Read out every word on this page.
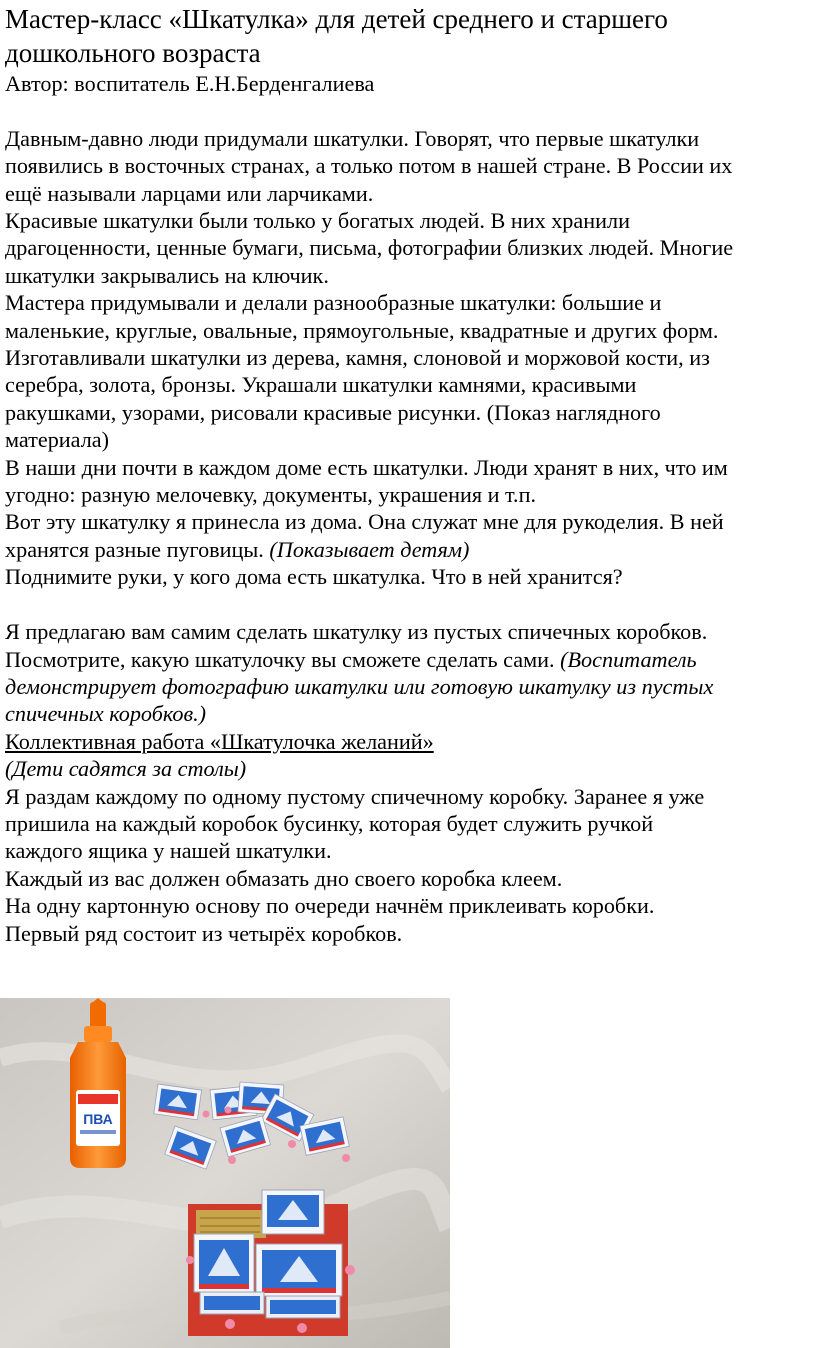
Мастер-класс «Шкатулка» для детей среднего и старшего
дошкольного возраста
Автор: воспитатель Е.Н.Берденгалиева
Давным-давно люди придумали шкатулки. Говорят, что первые шкатулки
появились в восточных странах, а только потом в нашей стране. В России их
ещё называли ларцами или ларчиками.
Красивые шкатулки были только у богатых людей. В них хранили
драгоценности, ценные бумаги, письма, фотографии близких людей. Многие
шкатулки закрывались на ключик.
Мастера придумывали и делали разнообразные шкатулки: большие и
маленькие, круглые, овальные, прямоугольные, квадратные и других форм.
Изготавливали шкатулки из дерева, камня, слоновой и моржовой кости, из
серебра, золота, бронзы. Украшали шкатулки камнями, красивыми
ракушками, узорами, рисовали красивые рисунки. (Показ наглядного
материала)
В наши дни почти в каждом доме есть шкатулки. Люди хранят в них, что им
угодно: разную мелочевку, документы, украшения и т.п.
Вот эту шкатулку я принесла из дома. Она служат мне для рукоделия. В ней
хранятся разные пуговицы. (Показывает детям)
Поднимите руки, у кого дома есть шкатулка. Что в ней хранится?
Я предлагаю вам самим сделать шкатулку из пустых спичечных коробков.
Посмотрите, какую шкатулочку вы сможете сделать сами. (Воспитатель
демонстрирует фотографию шкатулки или готовую шкатулку из пустых
спичечных коробков.)
Коллективная работа «Шкатулочка желаний»
(Дети садятся за столы)
Я раздам каждому по одному пустому спичечному коробку. Заранее я уже
пришила на каждый коробок бусинку, которая будет служить ручкой
каждого ящика у нашей шкатулки.
Каждый из вас должен обмазать дно своего коробка клеем.
На одну картонную основу по очереди начнём приклеивать коробки.
Первый ряд состоит из четырёх коробков.
ПВА
